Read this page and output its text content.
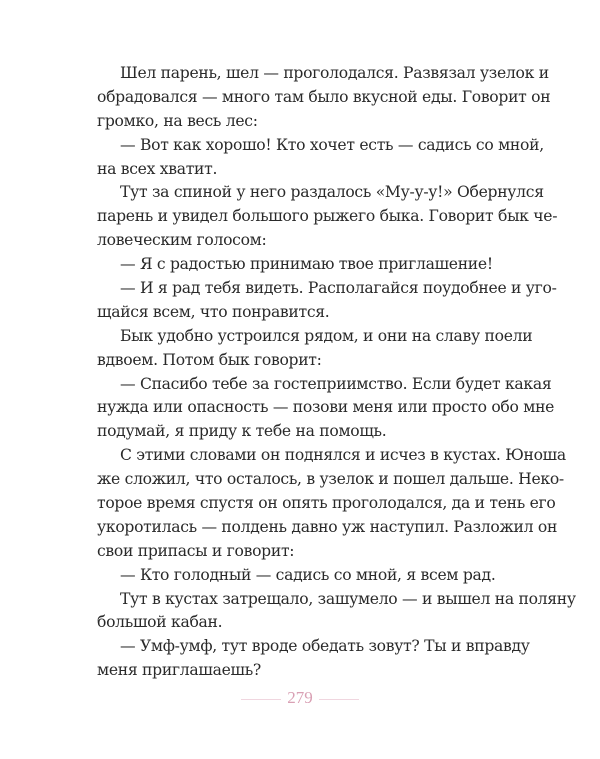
Шел парень, шел — проголодался. Развязал узелок и
обрадовался — много там было вкусной еды. Говорит он
громко, на весь лес:
— Вот как хорошо! Кто хочет есть — садись со мной,
на всех хватит.
Тут за спиной у него раздалось «Му-у-у!» Обернулся
парень и увидел большого рыжего быка. Говорит бык че-
ловеческим голосом:
— Я с радостью принимаю твое приглашение!
— И я рад тебя видеть. Располагайся поудобнее и уго-
щайся всем, что понравится.
Бык удобно устроился рядом, и они на славу поели
вдвоем. Потом бык говорит:
— Спасибо тебе за гостеприимство. Если будет какая
нужда или опасность — позови меня или просто обо мне
подумай, я приду к тебе на помощь.
С этими словами он поднялся и исчез в кустах. Юноша
же сложил, что осталось, в узелок и пошел дальше. Неко-
торое время спустя он опять проголодался, да и тень его
укоротилась — полдень давно уж наступил. Разложил он
свои припасы и говорит:
— Кто голодный — садись со мной, я всем рад.
Тут в кустах затрещало, зашумело — и вышел на поляну
большой кабан.
— Умф-умф, тут вроде обедать зовут? Ты и вправду
меня приглашаешь?
279
